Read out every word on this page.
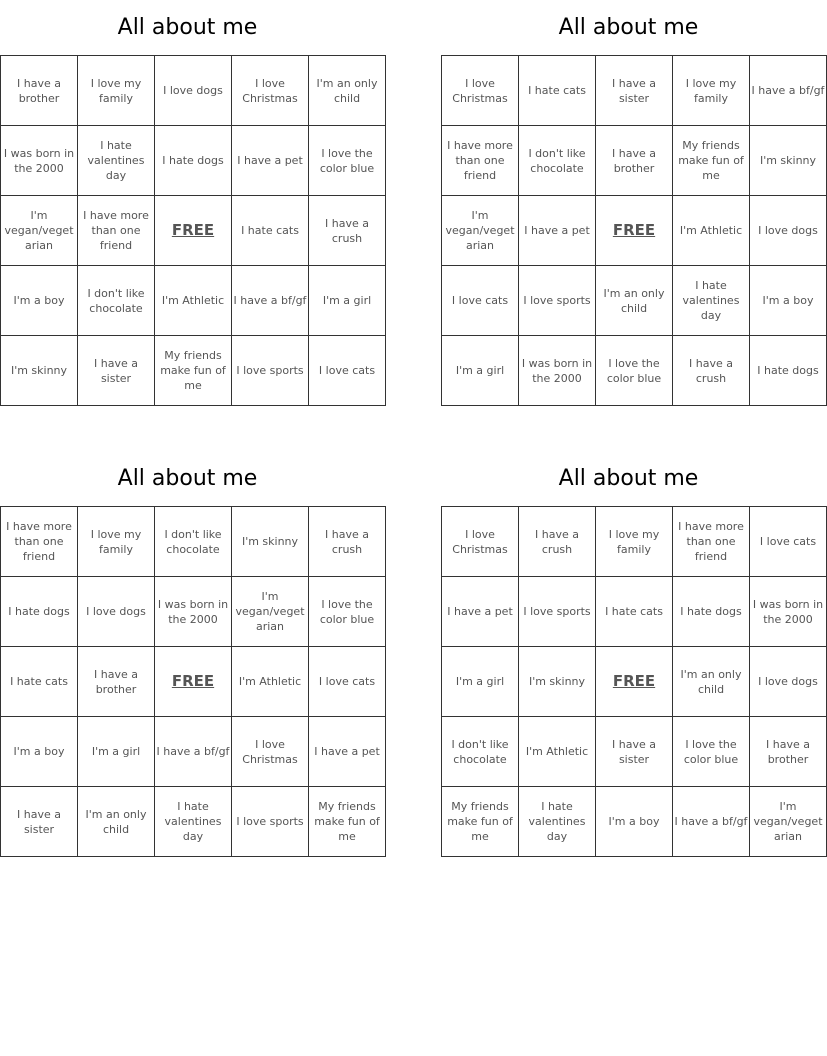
All about me
I have a brother	I love my family	I love dogs	I love Christmas	I'm an only child
I was born in the 2000	I hate valentines day	I hate dogs	I have a pet	I love the color blue
I'm vegan/vegetarian	I have more than one friend	FREE	I hate cats	I have a crush
I'm a boy	I don't like chocolate	I'm Athletic	I have a bf/gf	I'm a girl
I'm skinny	I have a sister	My friends make fun of me	I love sports	I love cats
All about me
I love Christmas	I hate cats	I have a sister	I love my family	I have a bf/gf
I have more than one friend	I don't like chocolate	I have a brother	My friends make fun of me	I'm skinny
I'm vegan/vegetarian	I have a pet	FREE	I'm Athletic	I love dogs
I love cats	I love sports	I'm an only child	I hate valentines day	I'm a boy
I'm a girl	I was born in the 2000	I love the color blue	I have a crush	I hate dogs
All about me
I have more than one friend	I love my family	I don't like chocolate	I'm skinny	I have a crush
I hate dogs	I love dogs	I was born in the 2000	I'm vegan/vegetarian	I love the color blue
I hate cats	I have a brother	FREE	I'm Athletic	I love cats
I'm a boy	I'm a girl	I have a bf/gf	I love Christmas	I have a pet
I have a sister	I'm an only child	I hate valentines day	I love sports	My friends make fun of me
All about me
I love Christmas	I have a crush	I love my family	I have more than one friend	I love cats
I have a pet	I love sports	I hate cats	I hate dogs	I was born in the 2000
I'm a girl	I'm skinny	FREE	I'm an only child	I love dogs
I don't like chocolate	I'm Athletic	I have a sister	I love the color blue	I have a brother
My friends make fun of me	I hate valentines day	I'm a boy	I have a bf/gf	I'm vegan/vegetarian
